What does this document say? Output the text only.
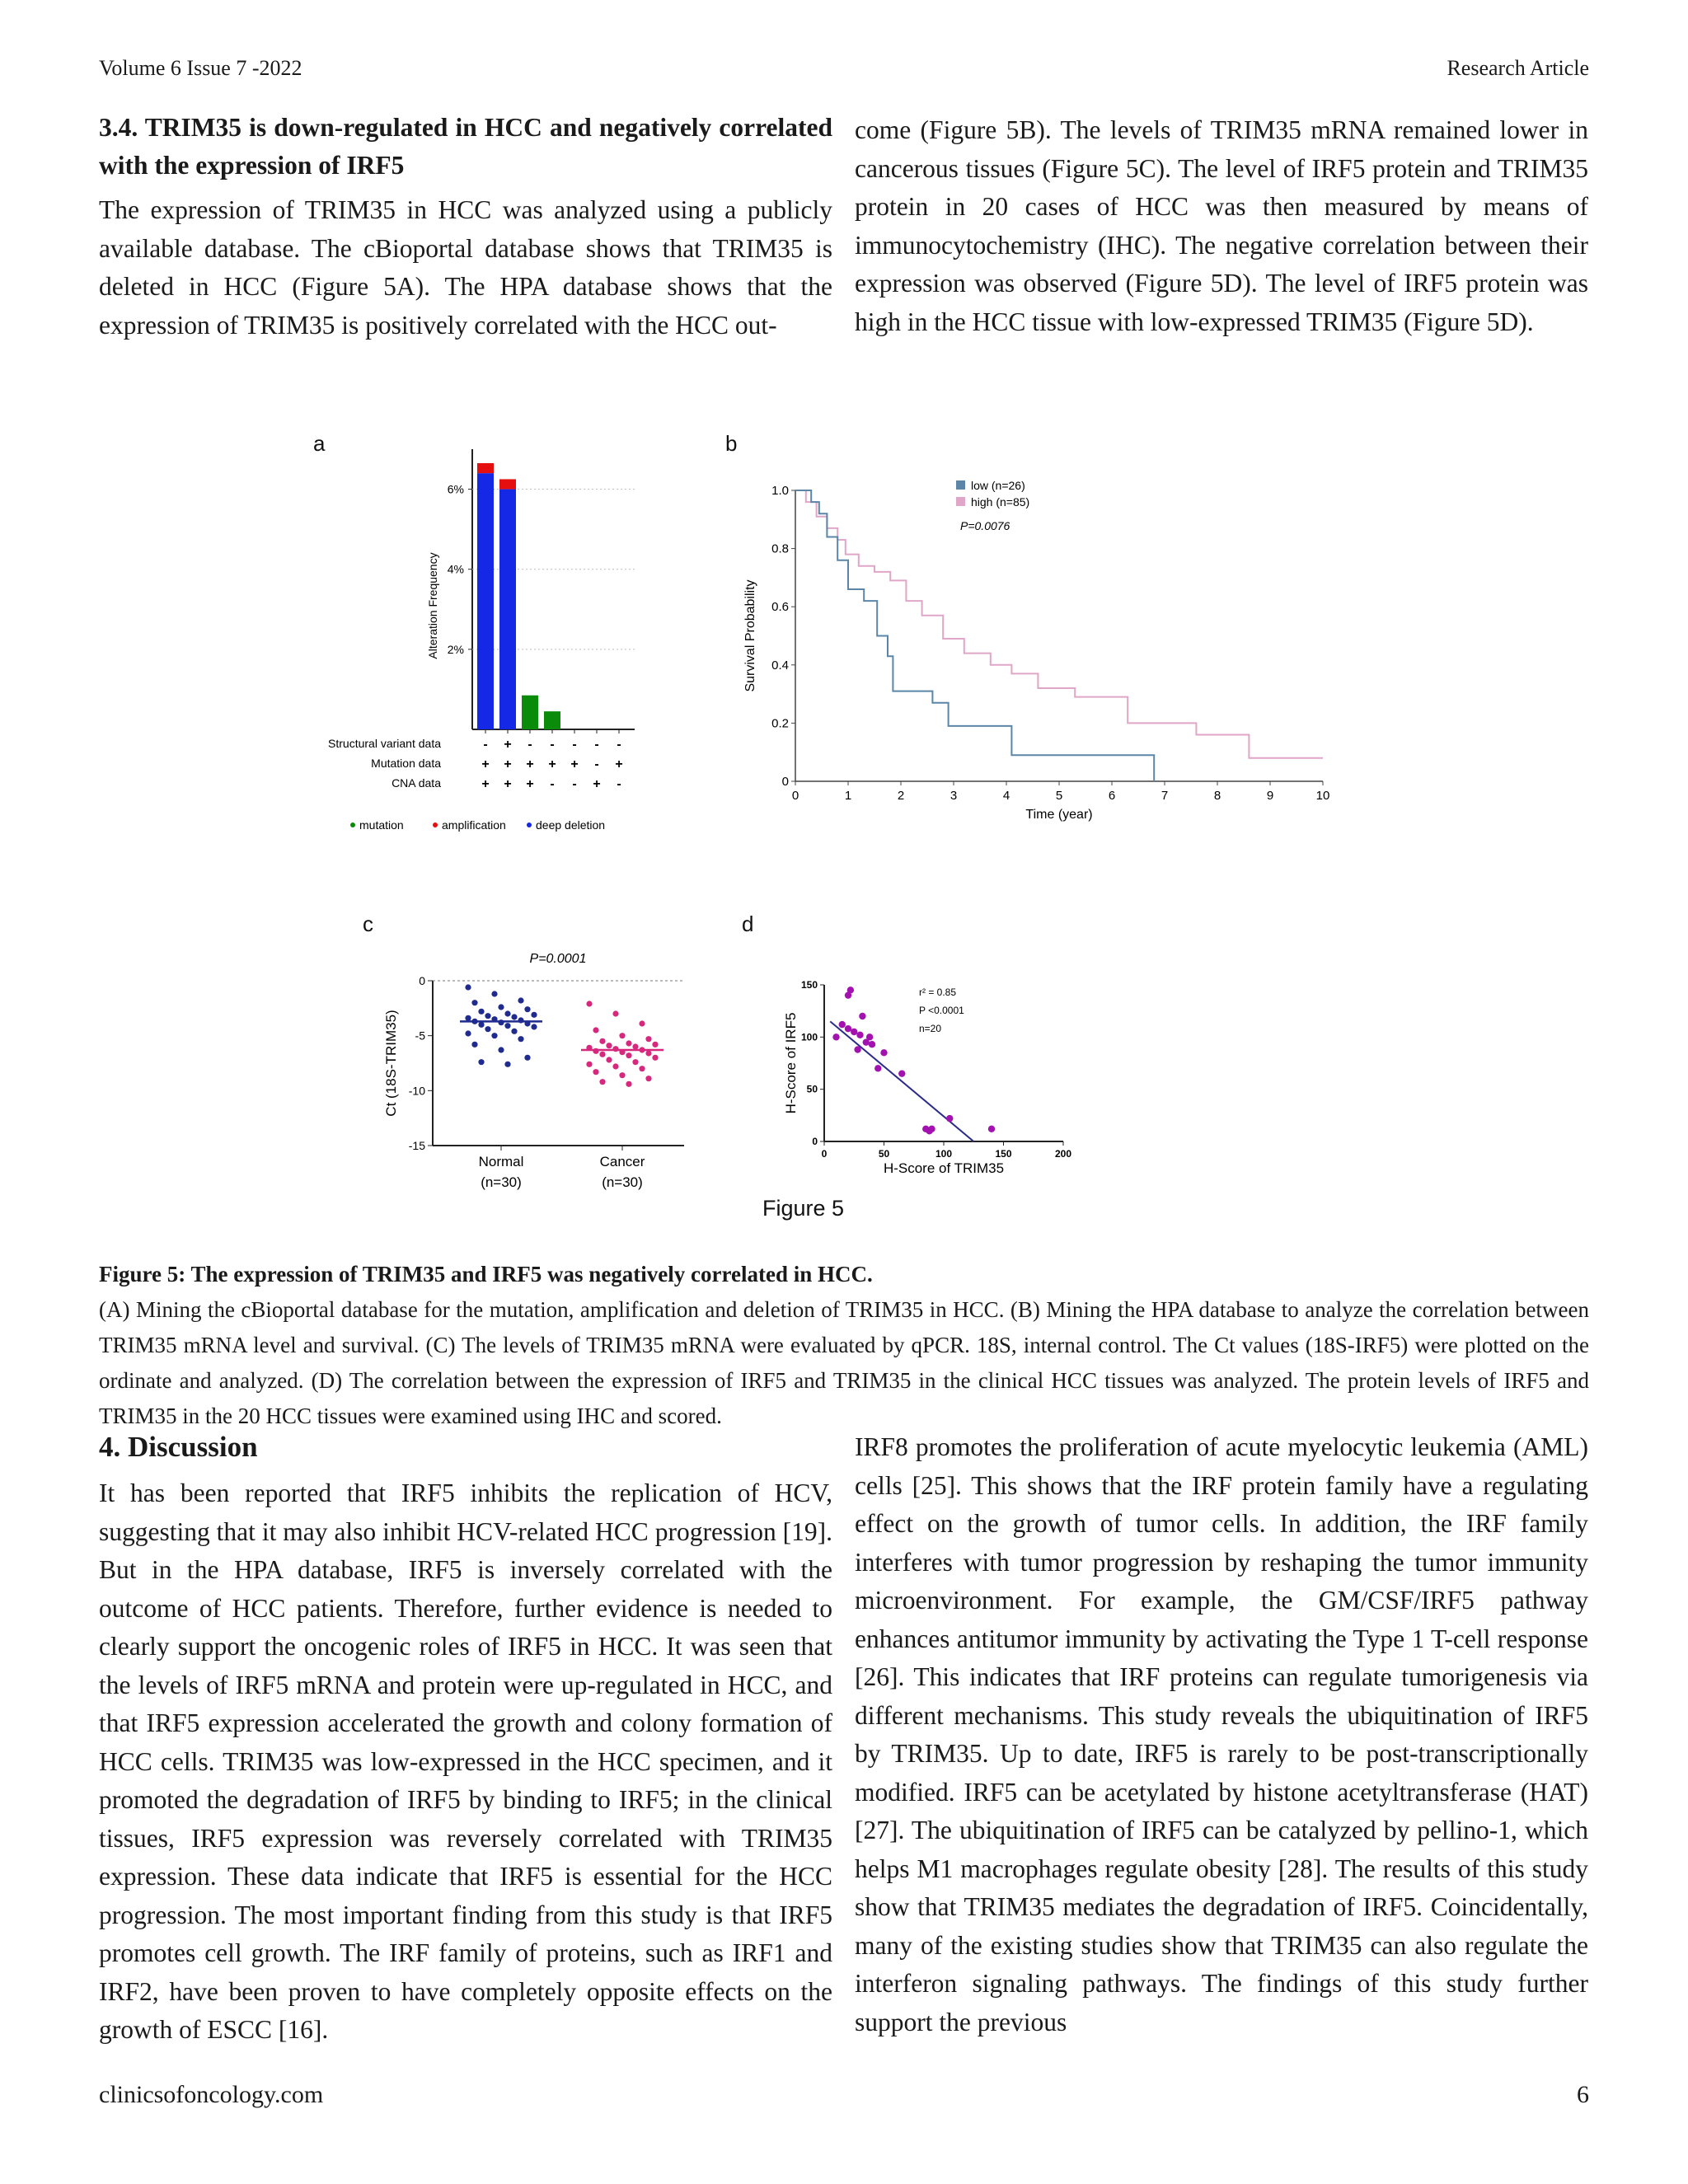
Volume 6 Issue 7 -2022	Research Article
3.4. TRIM35 is down-regulated in HCC and negatively correlated with the expression of IRF5

The expression of TRIM35 in HCC was analyzed using a publicly available database. The cBioportal database shows that TRIM35 is deleted in HCC (Figure 5A). The HPA database shows that the expression of TRIM35 is positively correlated with the HCC out-

come (Figure 5B). The levels of TRIM35 mRNA remained lower in cancerous tissues (Figure 5C). The level of IRF5 protein and TRIM35 protein in 20 cases of HCC was then measured by means of immunocytochemistry (IHC). The negative correlation between their expression was observed (Figure 5D). The level of IRF5 protein was high in the HCC tissue with low-expressed TRIM35 (Figure 5D).

a
2%
4%
6%
Alteration Frequency
Structural variant data	- + - - - - -
Mutation data	+ + + + + - +
CNA data	+ + + - - + -
mutation	amplification	deep deletion
b
0
0.2
0.4
0.6
0.8
1.0
0	1	2	3	4	5	6	7	8	9	10
Time (year)
Survival Probability
low (n=26)
high (n=85)
P=0.0076
c
0
-5
-10
-15
Ct (18S-TRIM35)
P=0.0001
Normal
(n=30)
Cancer
(n=30)
d
0
50
100
150
0	50	100	150	200
H-Score of TRIM35
H-Score of IRF5
r² = 0.85
P <0.0001
n=20
Figure 5
Figure 5: The expression of TRIM35 and IRF5 was negatively correlated in HCC.
(A) Mining the cBioportal database for the mutation, amplification and deletion of TRIM35 in HCC. (B) Mining the HPA database to analyze the correlation between TRIM35 mRNA level and survival. (C) The levels of TRIM35 mRNA were evaluated by qPCR. 18S, internal control. The Ct values (18S-IRF5) were plotted on the ordinate and analyzed. (D) The correlation between the expression of IRF5 and TRIM35 in the clinical HCC tissues was analyzed. The protein levels of IRF5 and TRIM35 in the 20 HCC tissues were examined using IHC and scored.
4. Discussion

It has been reported that IRF5 inhibits the replication of HCV, suggesting that it may also inhibit HCV-related HCC progression [19]. But in the HPA database, IRF5 is inversely correlated with the outcome of HCC patients. Therefore, further evidence is needed to clearly support the oncogenic roles of IRF5 in HCC. It was seen that the levels of IRF5 mRNA and protein were up-regulated in HCC, and that IRF5 expression accelerated the growth and colony formation of HCC cells. TRIM35 was low-expressed in the HCC specimen, and it promoted the degradation of IRF5 by binding to IRF5; in the clinical tissues, IRF5 expression was reversely correlated with TRIM35 expression. These data indicate that IRF5 is essential for the HCC progression. The most important finding from this study is that IRF5 promotes cell growth. The IRF family of proteins, such as IRF1 and IRF2, have been proven to have completely opposite effects on the growth of ESCC [16].

IRF8 promotes the proliferation of acute myelocytic leukemia (AML) cells [25]. This shows that the IRF protein family have a regulating effect on the growth of tumor cells. In addition, the IRF family interferes with tumor progression by reshaping the tumor immunity microenvironment. For example, the GM/CSF/IRF5 pathway enhances antitumor immunity by activating the Type 1 T-cell response [26]. This indicates that IRF proteins can regulate tumorigenesis via different mechanisms. This study reveals the ubiquitination of IRF5 by TRIM35. Up to date, IRF5 is rarely to be post-transcriptionally modified. IRF5 can be acetylated by histone acetyltransferase (HAT)[27]. The ubiquitination of IRF5 can be catalyzed by pellino-1, which helps M1 macrophages regulate obesity [28]. The results of this study show that TRIM35 mediates the degradation of IRF5. Coincidentally, many of the existing studies show that TRIM35 can also regulate the interferon signaling pathways. The findings of this study further support the previous

clinicsofoncology.com	6
